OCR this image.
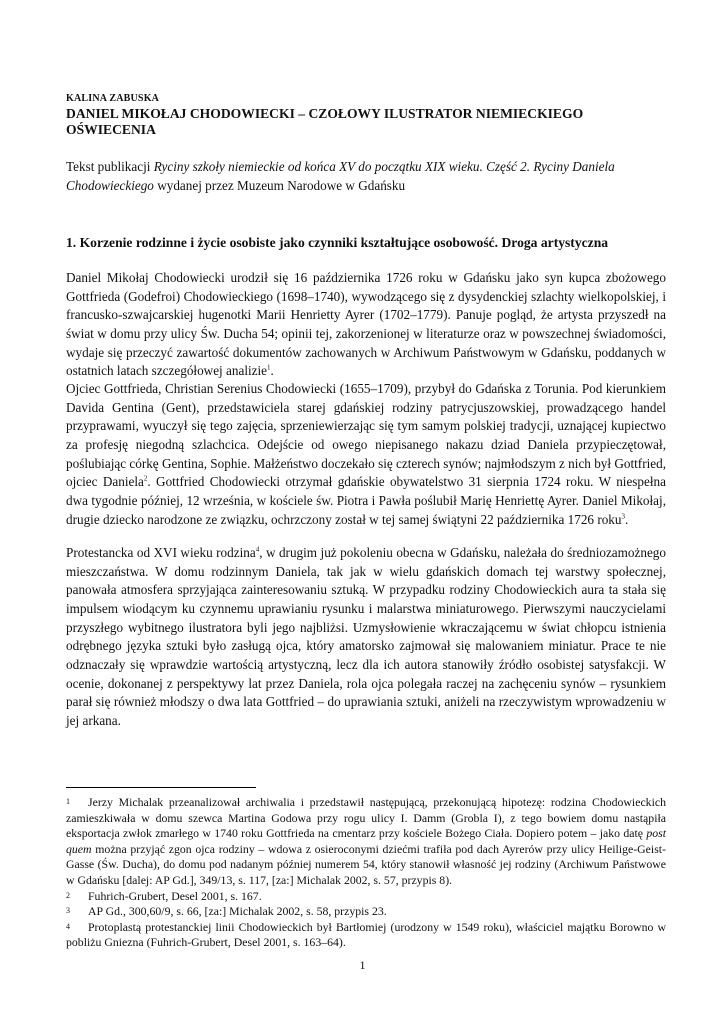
KALINA ZABUSKA
DANIEL MIKOŁAJ CHODOWIECKI – CZOŁOWY ILUSTRATOR NIEMIECKIEGO OŚWIECENIA
Tekst publikacji Ryciny szkoły niemieckie od końca XV do początku XIX wieku. Część 2. Ryciny Daniela Chodowieckiego wydanej przez Muzeum Narodowe w Gdańsku
1. Korzenie rodzinne i życie osobiste jako czynniki kształtujące osobowość. Droga artystyczna
Daniel Mikołaj Chodowiecki urodził się 16 października 1726 roku w Gdańsku jako syn kupca zbożowego Gottfrieda (Godefroi) Chodowieckiego (1698–1740), wywodzącego się z dysydenckiej szlachty wielkopolskiej, i francusko-szwajcarskiej hugenotki Marii Henrietty Ayrer (1702–1779). Panuje pogląd, że artysta przyszedł na świat w domu przy ulicy Św. Ducha 54; opinii tej, zakorzenionej w literaturze oraz w powszechnej świadomości, wydaje się przeczyć zawartość dokumentów zachowanych w Archiwum Państwowym w Gdańsku, poddanych w ostatnich latach szczegółowej analizie$^1$.
Ojciec Gottfrieda, Christian Serenius Chodowiecki (1655–1709), przybył do Gdańska z Torunia. Pod kierunkiem Davida Gentina (Gent), przedstawiciela starej gdańskiej rodziny patrycjuszowskiej, prowadzącego handel przyprawami, wyuczył się tego zajęcia, sprzeniewierzając się tym samym polskiej tradycji, uznającej kupiectwo za profesję niegodną szlachcica. Odejście od owego niepisanego nakazu dziad Daniela przypieczętował, poślubiając córkę Gentina, Sophie. Małżeństwo doczekało się czterech synów; najmłodszym z nich był Gottfried, ojciec Daniela$^2$. Gottfried Chodowiecki otrzymał gdańskie obywatelstwo 31 sierpnia 1724 roku. W niespełna dwa tygodnie później, 12 września, w kościele św. Piotra i Pawła poślubił Marię Henriettę Ayrer. Daniel Mikołaj, drugie dziecko narodzone ze związku, ochrzczony został w tej samej świątyni 22 października 1726 roku$^3$.
Protestancka od XVI wieku rodzina$^4$, w drugim już pokoleniu obecna w Gdańsku, należała do średniozamożnego mieszczaństwa. W domu rodzinnym Daniela, tak jak w wielu gdańskich domach tej warstwy społecznej, panowała atmosfera sprzyjająca zainteresowaniu sztuką. W przypadku rodziny Chodowieckich aura ta stała się impulsem wiodącym ku czynnemu uprawianiu rysunku i malarstwa miniaturowego. Pierwszymi nauczycielami przyszłego wybitnego ilustratora byli jego najbliżsi. Uzmysłowienie wkraczającemu w świat chłopcu istnienia odrębnego języka sztuki było zasługą ojca, który amatorsko zajmował się malowaniem miniatur. Prace te nie odznaczały się wprawdzie wartością artystyczną, lecz dla ich autora stanowiły źródło osobistej satysfakcji. W ocenie, dokonanej z perspektywy lat przez Daniela, rola ojca polegała raczej na zachęceniu synów – rysunkiem parał się również młodszy o dwa lata Gottfried – do uprawiania sztuki, aniżeli na rzeczywistym wprowadzeniu w jej arkana.

1 Jerzy Michalak przeanalizował archiwalia i przedstawił następującą, przekonującą hipotezę: rodzina Chodowieckich zamieszkiwała w domu szewca Martina Godowa przy rogu ulicy I. Damm (Grobla I), z tego bowiem domu nastąpiła eksportacja zwłok zmarłego w 1740 roku Gottfrieda na cmentarz przy kościele Bożego Ciała. Dopiero potem – jako datę post quem można przyjąć zgon ojca rodziny – wdowa z osieroconymi dziećmi trafiła pod dach Ayrerów przy ulicy Heilige-Geist-Gasse (Św. Ducha), do domu pod nadanym później numerem 54, który stanowił własność jej rodziny (Archiwum Państwowe w Gdańsku [dalej: AP Gd.], 349/13, s. 117, [za:] Michalak 2002, s. 57, przypis 8).

2 Fuhrich-Grubert, Desel 2001, s. 167.

3 AP Gd., 300,60/9, s. 66, [za:] Michalak 2002, s. 58, przypis 23.

4 Protoplastą protestanckiej linii Chodowieckich był Bartłomiej (urodzony w 1549 roku), właściciel majątku Borowno w pobliżu Gniezna (Fuhrich-Grubert, Desel 2001, s. 163–64).

1
